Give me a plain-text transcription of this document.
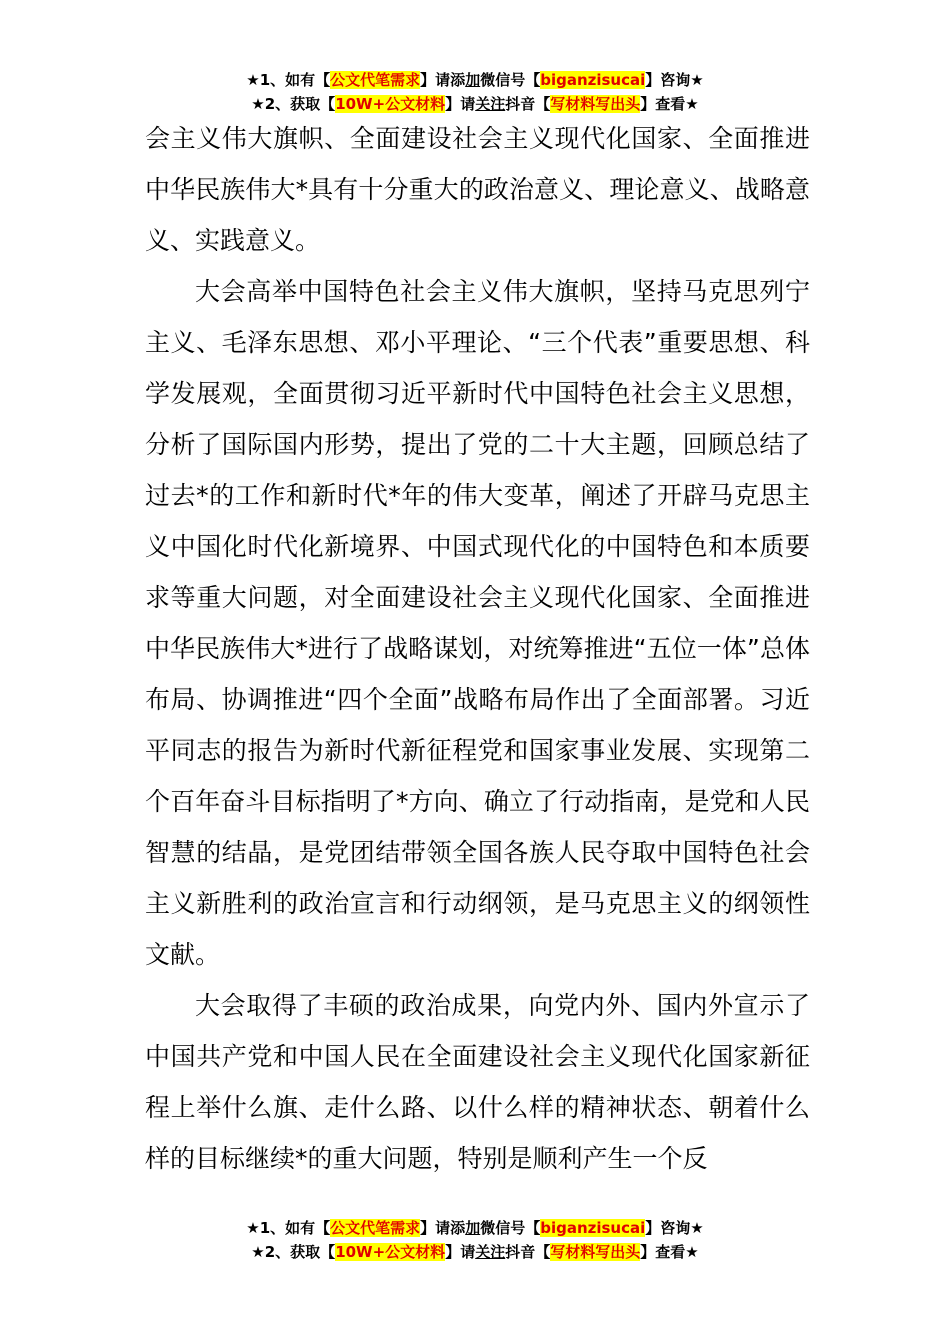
★1、如有【公文代笔需求】请添加微信号【biganzisucai】咨询★
★2、获取【10W+公文材料】请关注抖音【写材料写出头】查看★

会主义伟大旗帜、全面建设社会主义现代化国家、全面推进中华民族伟大*具有十分重大的政治意义、理论意义、战略意义、实践意义。

大会高举中国特色社会主义伟大旗帜，坚持马克思列宁主义、毛泽东思想、邓小平理论、“三个代表”重要思想、科学发展观，全面贯彻习近平新时代中国特色社会主义思想，分析了国际国内形势，提出了党的二十大主题，回顾总结了过去*的工作和新时代*年的伟大变革，阐述了开辟马克思主义中国化时代化新境界、中国式现代化的中国特色和本质要求等重大问题，对全面建设社会主义现代化国家、全面推进中华民族伟大*进行了战略谋划，对统筹推进“五位一体”总体布局、协调推进“四个全面”战略布局作出了全面部署。习近平同志的报告为新时代新征程党和国家事业发展、实现第二个百年奋斗目标指明了*方向、确立了行动指南，是党和人民智慧的结晶，是党团结带领全国各族人民夺取中国特色社会主义新胜利的政治宣言和行动纲领，是马克思主义的纲领性文献。

大会取得了丰硕的政治成果，向党内外、国内外宣示了中国共产党和中国人民在全面建设社会主义现代化国家新征程上举什么旗、走什么路、以什么样的精神状态、朝着什么样的目标继续*的重大问题，特别是顺利产生一个反

★1、如有【公文代笔需求】请添加微信号【biganzisucai】咨询★
★2、获取【10W+公文材料】请关注抖音【写材料写出头】查看★
